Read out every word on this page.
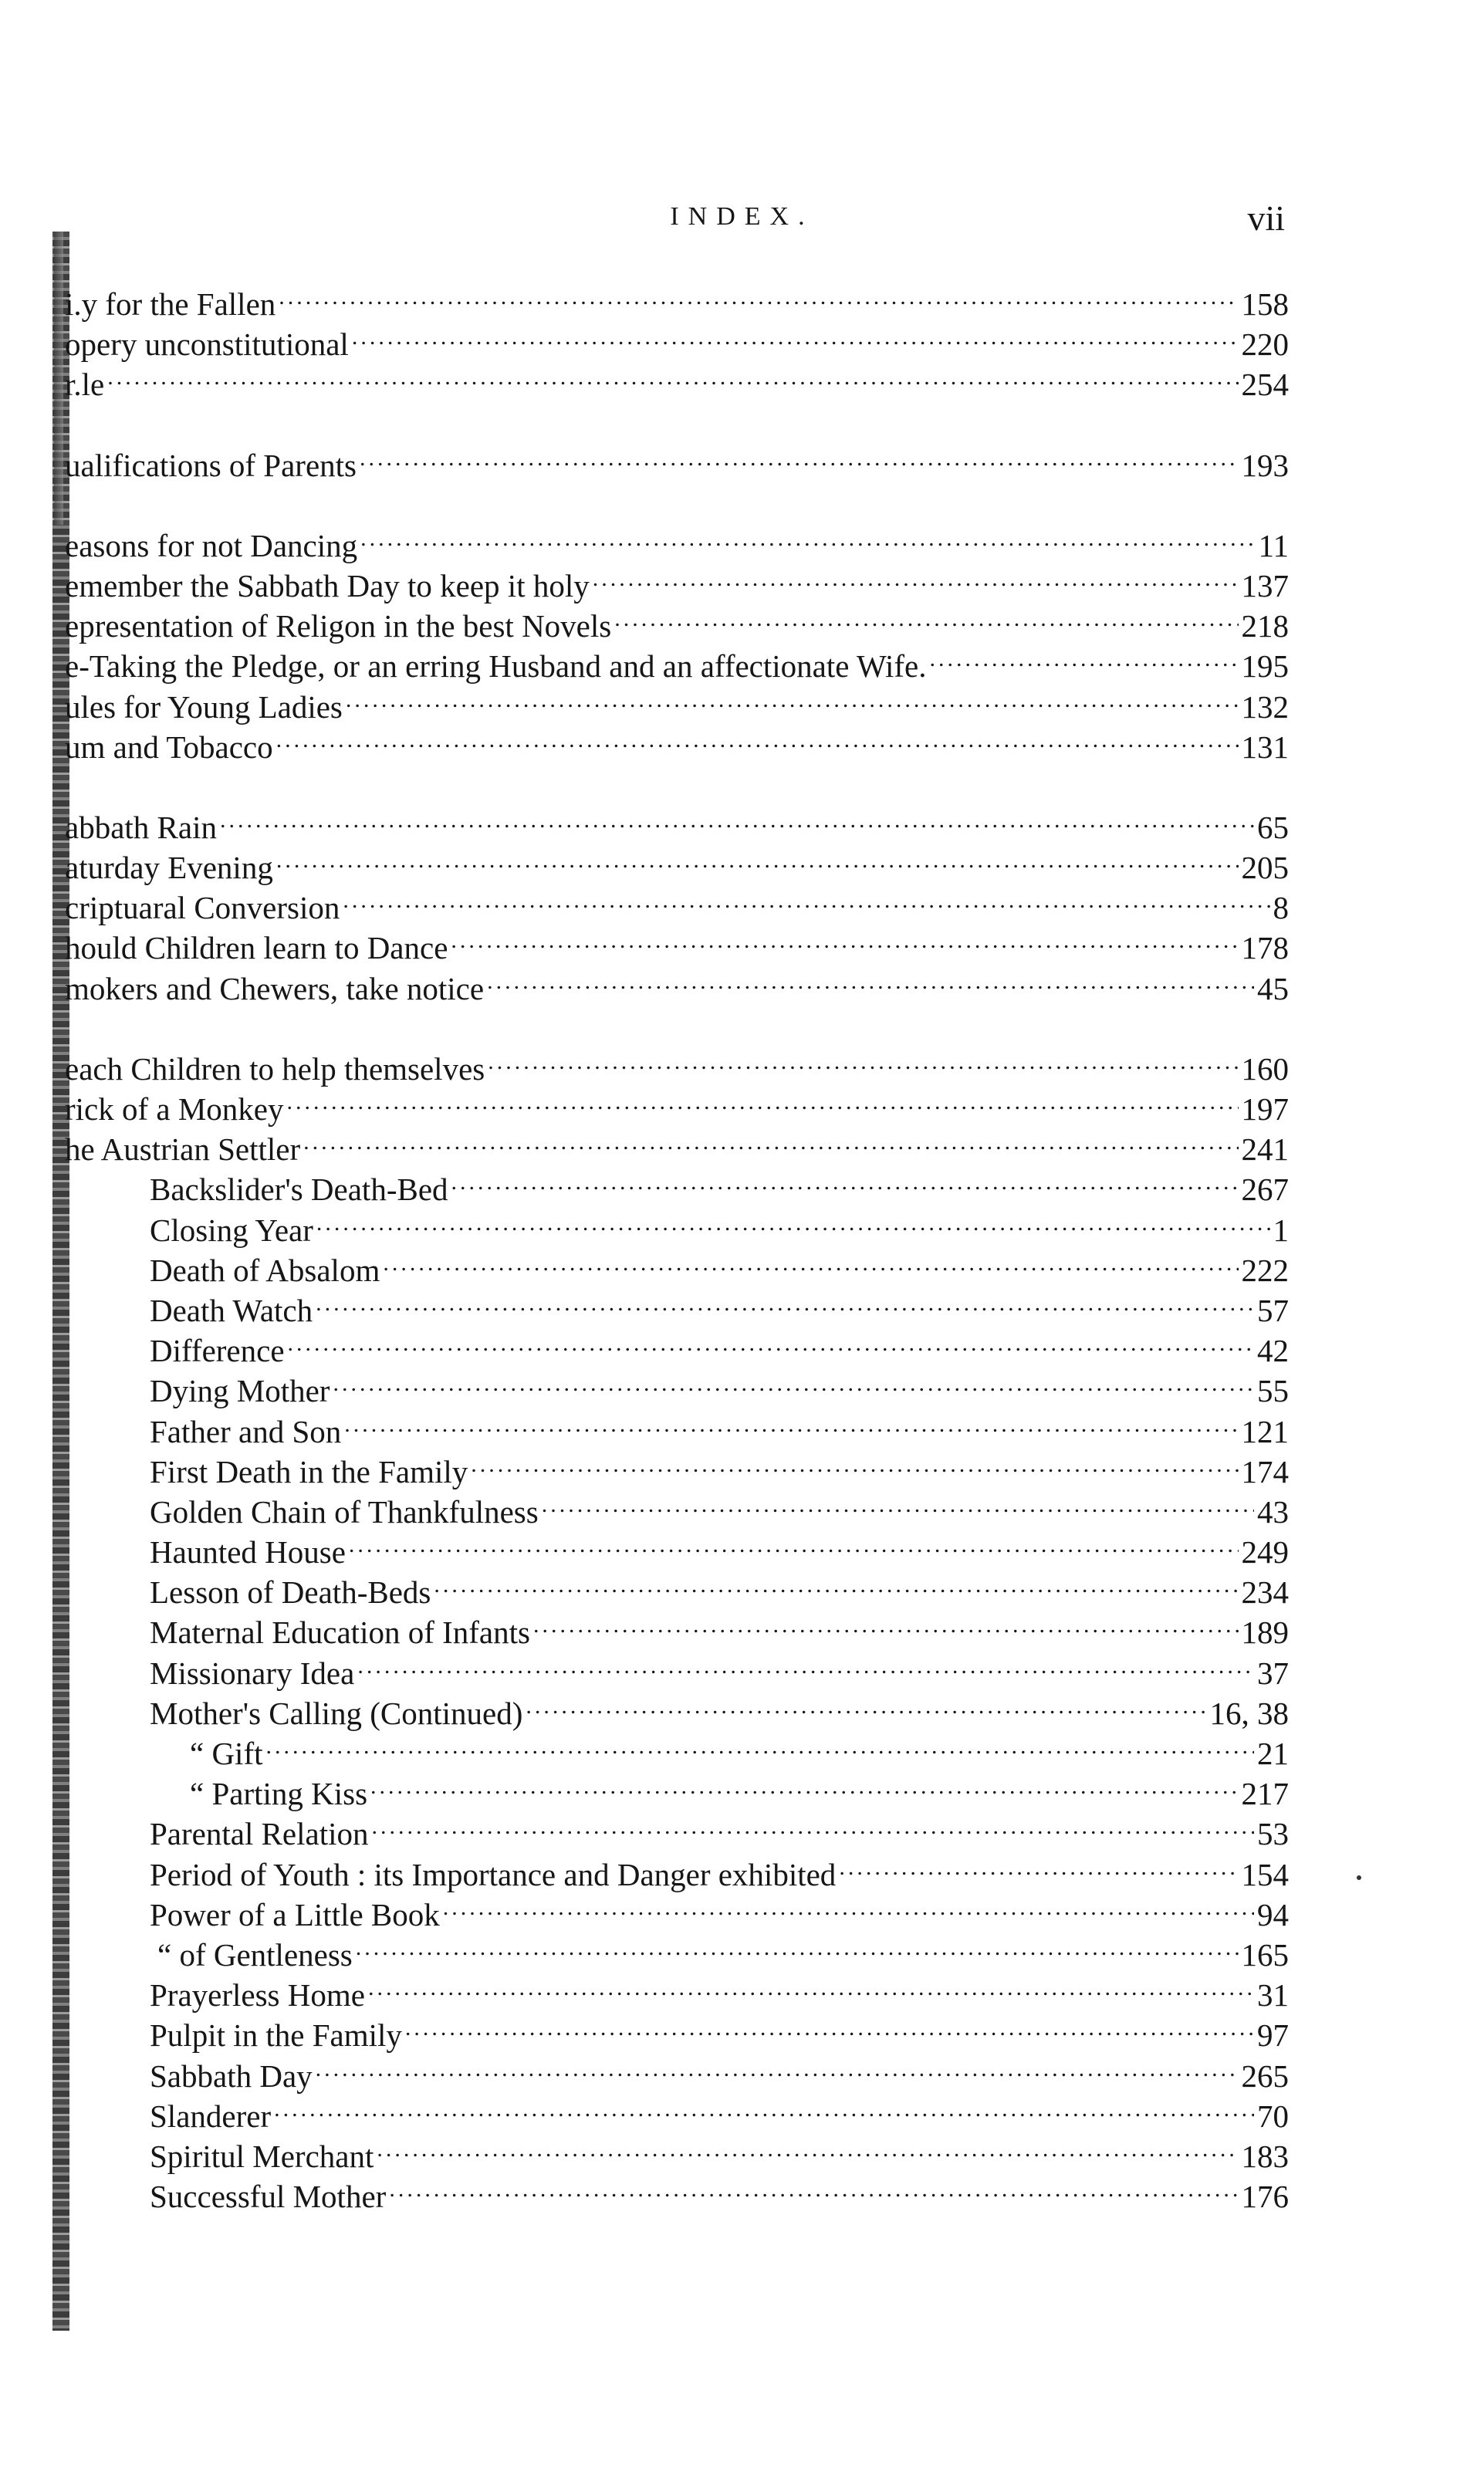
INDEX.	vii
i.y for the Fallen .....	158
opery unconstitutional .....	220
r.le .....	254
ualifications of Parents .....	193
easons for not Dancing .....	11
emember the Sabbath Day to keep it holy .....	137
epresentation of Religon in the best Novels .....	218
e-Taking the Pledge, or an erring Husband and an affectionate Wife. .....	195
ules for Young Ladies .....	132
um and Tobacco .....	131
abbath Rain .....	65
aturday Evening .....	205
criptuaral Conversion .....	8
hould Children learn to Dance .....	178
mokers and Chewers, take notice .....	45
each Children to help themselves .....	160
rick of a Monkey .....	197
he Austrian Settler .....	241
Backslider's Death-Bed .....	267
Closing Year .....	1
Death of Absalom .....	222
Death Watch .....	57
Difference .....	42
Dying Mother .....	55
Father and Son .....	121
First Death in the Family .....	174
Golden Chain of Thankfulness .....	43
Haunted House .....	249
Lesson of Death-Beds .....	234
Maternal Education of Infants .....	189
Missionary Idea .....	37
Mother's Calling (Continued) .....	16, 38
“ Gift .....	21
“ Parting Kiss .....	217
Parental Relation .....	53
Period of Youth : its Importance and Danger exhibited .....	154
Power of a Little Book .....	94
“ of Gentleness .....	165
Prayerless Home .....	31
Pulpit in the Family .....	97
Sabbath Day .....	265
Slanderer .....	70
Spiritul Merchant .....	183
Successful Mother .....	176
